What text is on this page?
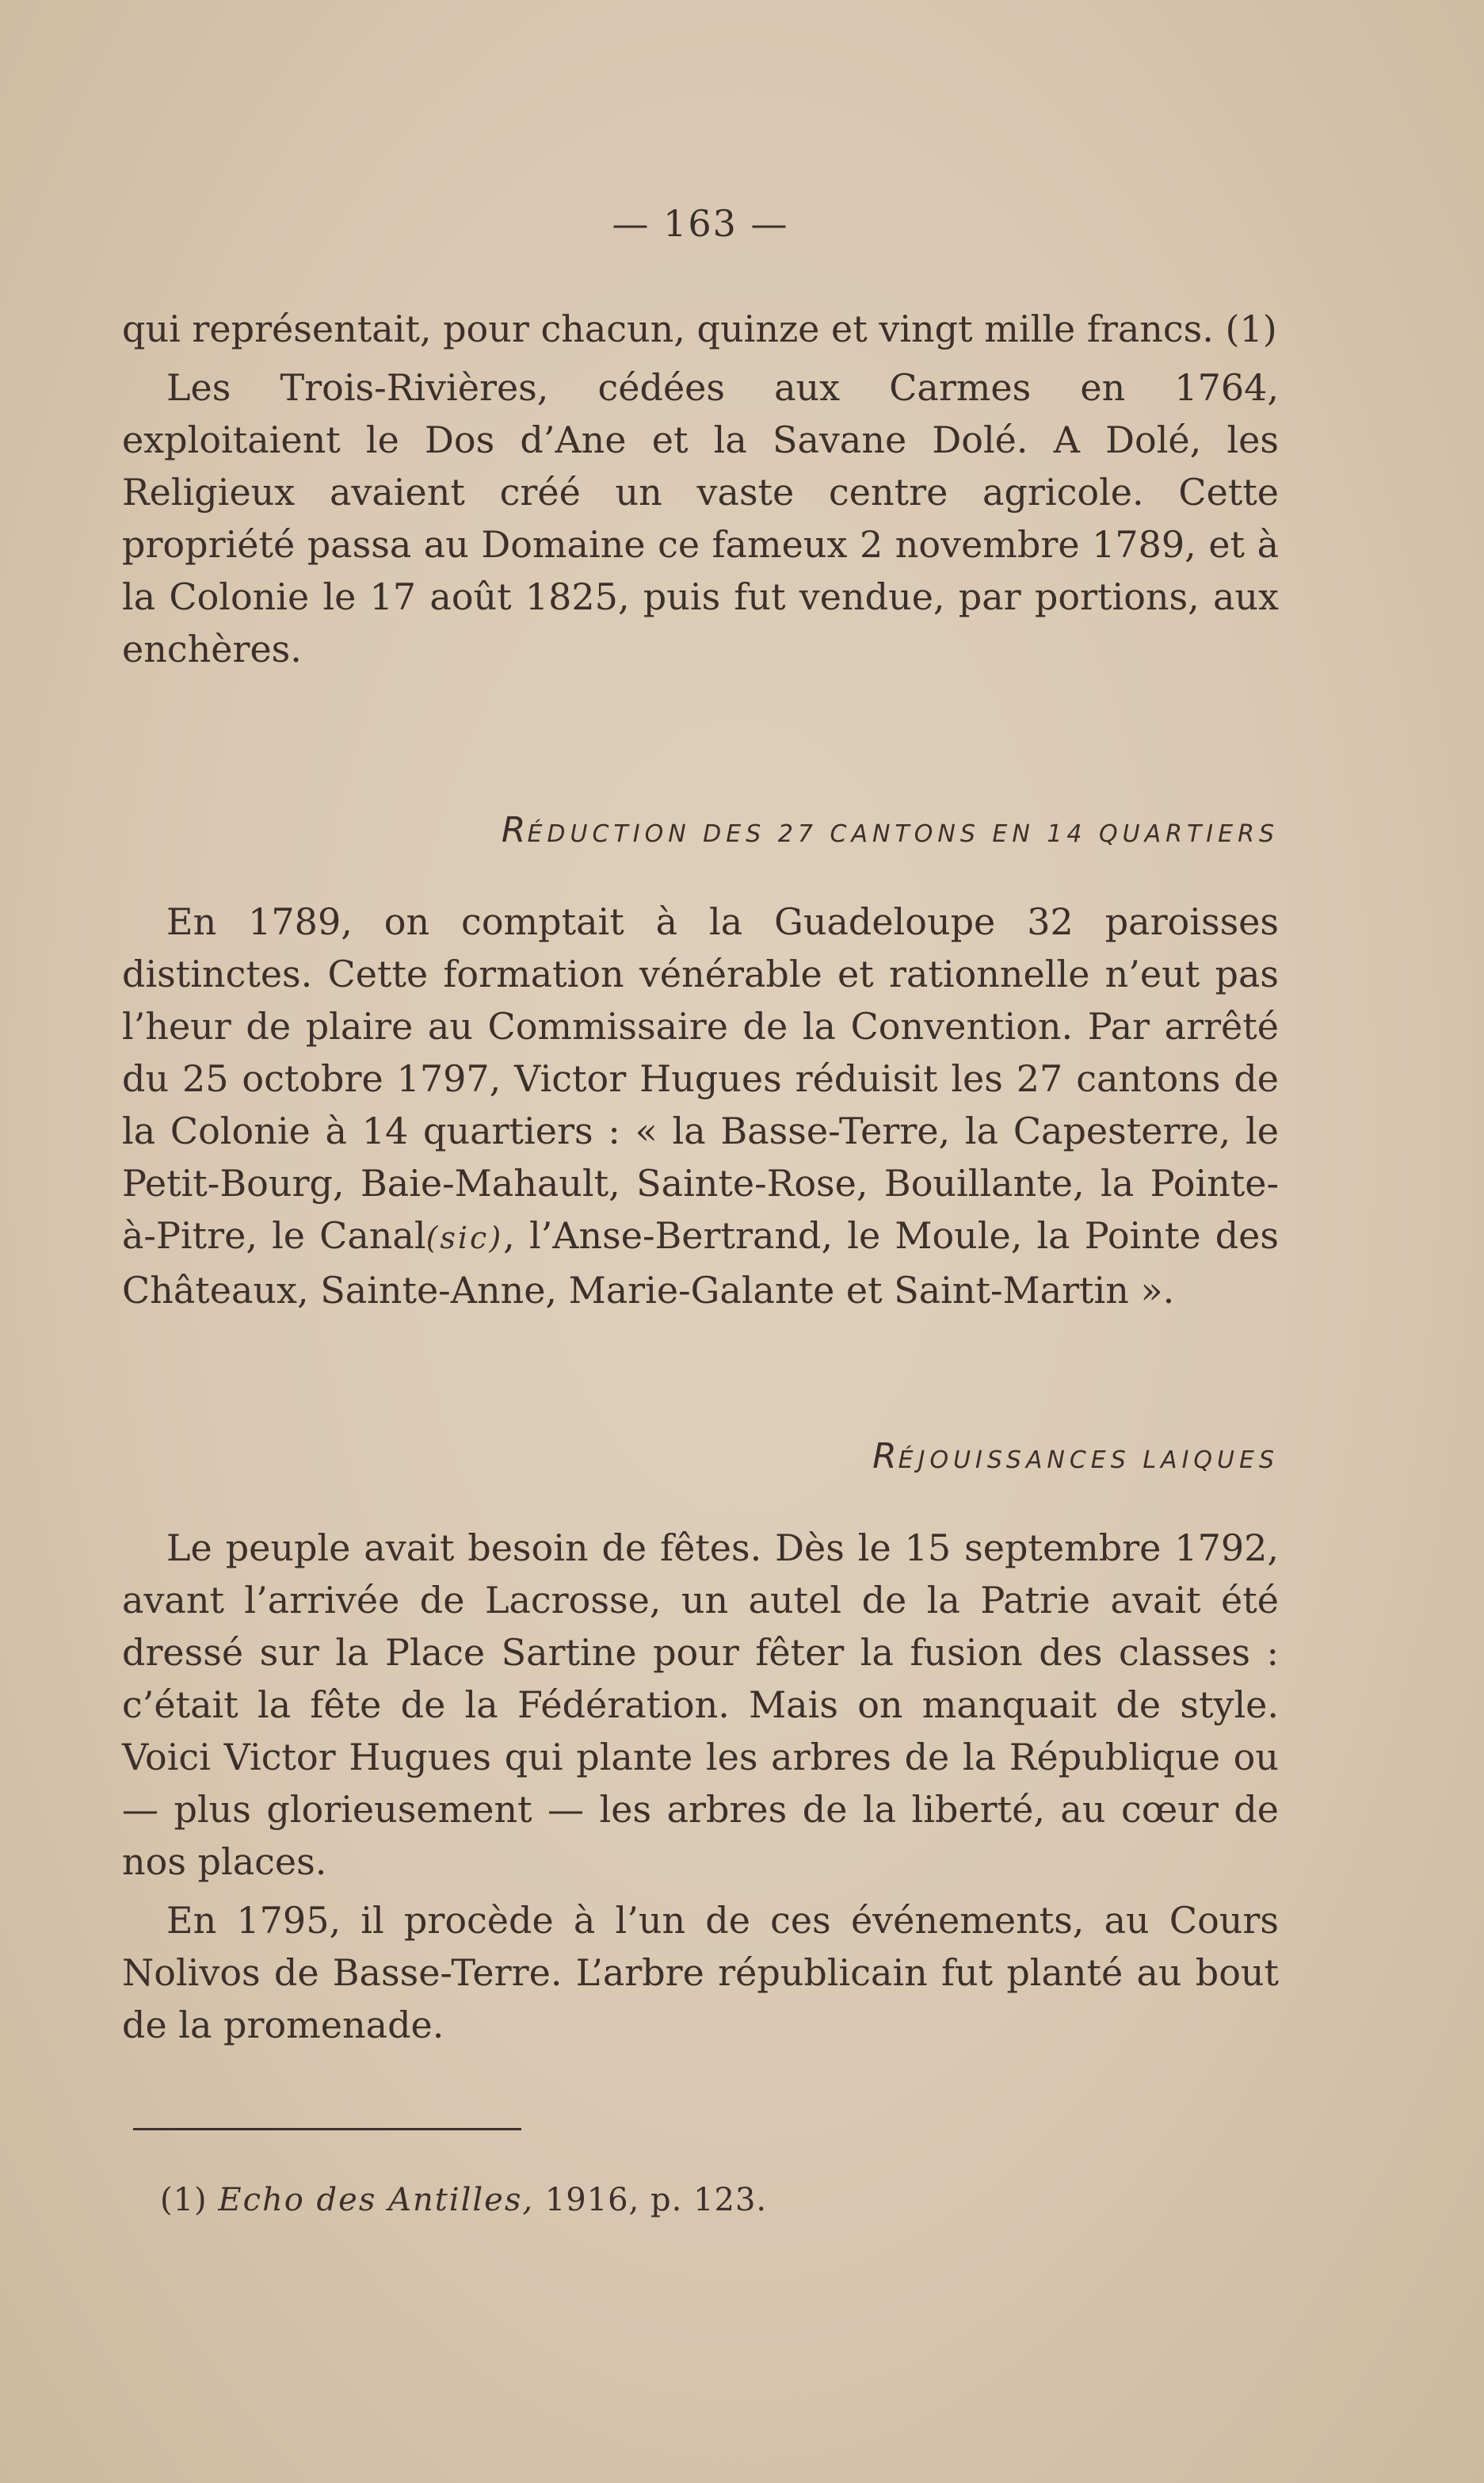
— 163 —

qui représentait, pour chacun, quinze et vingt mille francs. (1)

Les Trois-Rivières, cédées aux Carmes en 1764, exploitaient le Dos d’Ane et la Savane Dolé. A Dolé, les Religieux avaient créé un vaste centre agricole. Cette propriété passa au Domaine ce fameux 2 novembre 1789, et à la Colonie le 17 août 1825, puis fut vendue, par portions, aux enchères.

RÉDUCTION DES 27 CANTONS EN 14 QUARTIERS

En 1789, on comptait à la Guadeloupe 32 paroisses distinctes. Cette formation vénérable et rationnelle n’eut pas l’heur de plaire au Commissaire de la Convention. Par arrêté du 25 octobre 1797, Victor Hugues réduisit les 27 cantons de la Colonie à 14 quartiers : « la Basse-Terre, la Capesterre, le Petit-Bourg, Baie-Mahault, Sainte-Rose, Bouillante, la Pointe-à-Pitre, le Canal(sic), l’Anse-Bertrand, le Moule, la Pointe des Châteaux, Sainte-Anne, Marie-Galante et Saint-Martin ».

RÉJOUISSANCES LAIQUES

Le peuple avait besoin de fêtes. Dès le 15 septembre 1792, avant l’arrivée de Lacrosse, un autel de la Patrie avait été dressé sur la Place Sartine pour fêter la fusion des classes : c’était la fête de la Fédération. Mais on manquait de style. Voici Victor Hugues qui plante les arbres de la République ou — plus glorieusement — les arbres de la liberté, au cœur de nos places.

En 1795, il procède à l’un de ces événements, au Cours Nolivos de Basse-Terre. L’arbre républicain fut planté au bout de la promenade.

(1) Echo des Antilles, 1916, p. 123.
